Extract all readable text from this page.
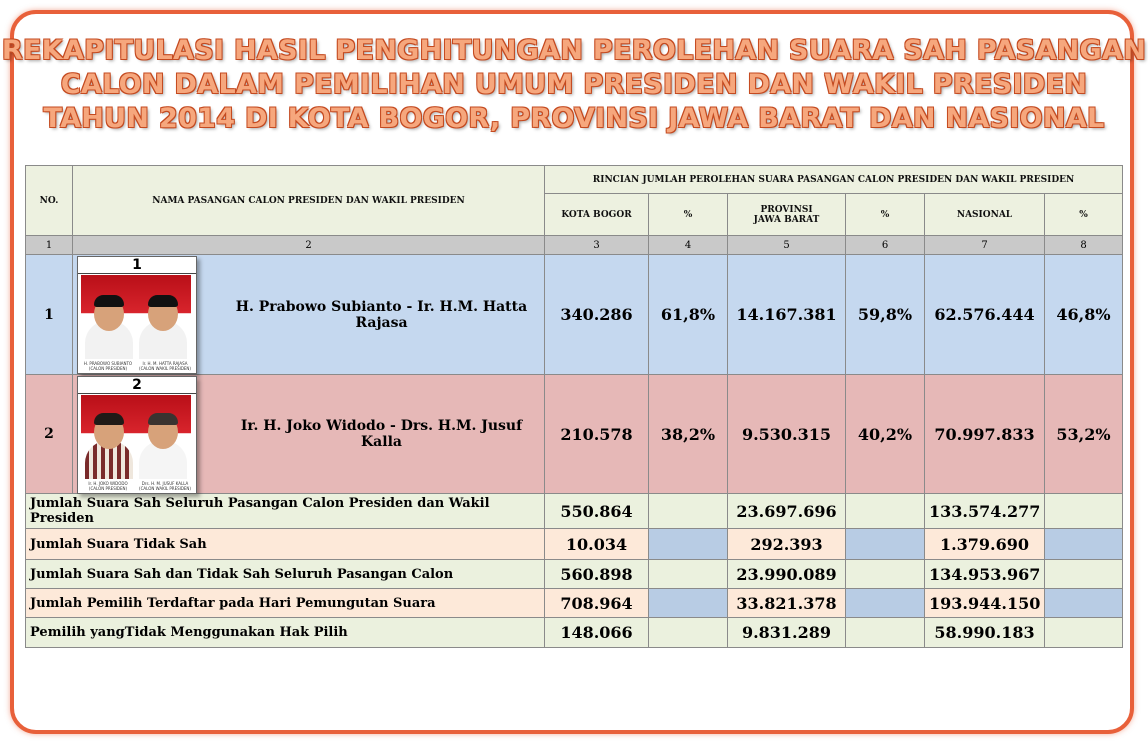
REKAPITULASI HASIL PENGHITUNGAN PEROLEHAN SUARA SAH PASANGAN
CALON DALAM PEMILIHAN UMUM PRESIDEN DAN WAKIL PRESIDEN
TAHUN 2014 DI KOTA BOGOR, PROVINSI JAWA BARAT DAN NASIONAL
NO.	NAMA PASANGAN CALON PRESIDEN DAN WAKIL PRESIDEN	RINCIAN JUMLAH PEROLEHAN SUARA PASANGAN CALON PRESIDEN DAN WAKIL PRESIDEN					
		KOTA BOGOR	%	PROVINSI
JAWA BARAT	%	NASIONAL	%
1	2	3	4	5	6	7	8
1	H. Prabowo Subianto - Ir. H.M. Hatta Rajasa	340.286	61,8%	14.167.381	59,8%	62.576.444	46,8%
2	Ir. H. Joko Widodo - Drs. H.M. Jusuf Kalla	210.578	38,2%	9.530.315	40,2%	70.997.833	53,2%
Jumlah Suara Sah Seluruh Pasangan Calon Presiden dan Wakil Presiden		550.864		23.697.696		133.574.277	
Jumlah Suara Tidak Sah		10.034		292.393		1.379.690	
Jumlah Suara Sah dan Tidak Sah Seluruh Pasangan Calon		560.898		23.990.089		134.953.967	
Jumlah Pemilih Terdaftar pada Hari Pemungutan Suara		708.964		33.821.378		193.944.150	
Pemilih yangTidak Menggunakan Hak Pilih		148.066		9.831.289		58.990.183	
1
H. PRABOWO SUBIANTO
(CALON PRESIDEN)
Ir. H. M. HATTA RAJASA
(CALON WAKIL PRESIDEN)
2
Ir. H. JOKO WIDODO
(CALON PRESIDEN)
Drs. H. M. JUSUF KALLA
(CALON WAKIL PRESIDEN)
